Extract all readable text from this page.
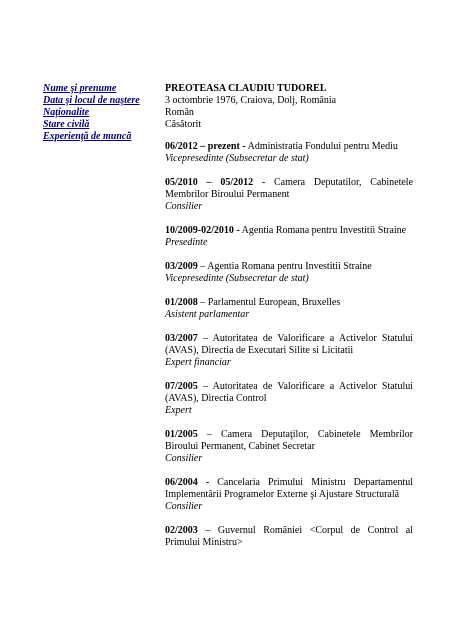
Nume şi prenume
Data şi locul de naştere
Naţionalite
Stare civilă
Experienţă de muncă
PREOTEASA CLAUDIU TUDOREL
3 octombrie 1976, Craiova, Dolj, România
Român
Căsătorit

06/2012 – prezent - Administratia Fondului pentru Mediu

Vicepresedinte (Subsecretar de stat)

05/2010 – 05/2012 - Camera Deputatilor, Cabinetele Membrilor Biroului Permanent

Consilier

10/2009-02/2010 - Agentia Romana pentru Investitii Straine

Presedinte

03/2009 – Agentia Romana pentru Investitii Straine

Vicepresedinte (Subsecretar de stat)

01/2008 – Parlamentul European, Bruxelles

Asistent parlamentar

03/2007 – Autoritatea de Valorificare a Activelor Statului (AVAS), Directia de Executari Silite si Licitatii

Expert financiar

07/2005 – Autoritatea de Valorificare a Activelor Statului (AVAS), Directia Control

Expert

01/2005 – Camera Deputaţilor, Cabinetele Membrilor Biroului Permanent, Cabinet Secretar

Consilier

06/2004 - Cancelaria Primului Ministru Departamentul Implementării Programelor Externe şi Ajustare Structurală

Consilier

02/2003 – Guvernul României <Corpul de Control al Primului Ministru>
